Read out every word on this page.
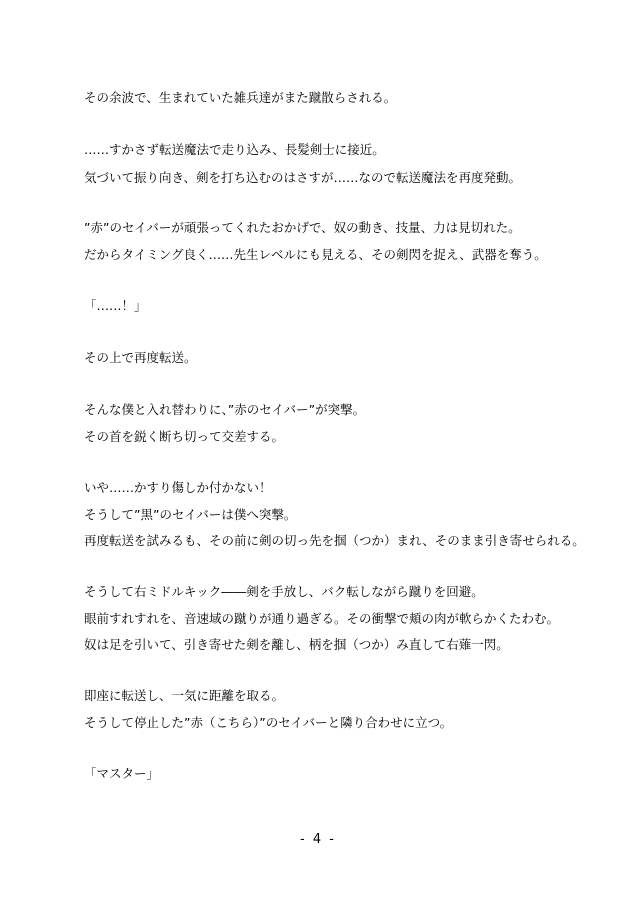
その余波で、生まれていた雑兵達がまた蹴散らされる。
……すかさず転送魔法で走り込み、長髪剣士に接近。
気づいて振り向き、剣を打ち込むのはさすが……なので転送魔法を再度発動。
”赤”のセイバーが頑張ってくれたおかげで、奴の動き、技量、力は見切れた。
だからタイミング良く……先生レベルにも見える、その剣閃を捉え、武器を奪う。
「……！」
その上で再度転送。
そんな僕と入れ替わりに、”赤のセイバー”が突撃。
その首を鋭く断ち切って交差する。
いや……かすり傷しか付かない！
そうして”黒”のセイバーは僕へ突撃。
再度転送を試みるも、その前に剣の切っ先を掴（つか）まれ、そのまま引き寄せられる。
そうして右ミドルキック――剣を手放し、バク転しながら蹴りを回避。
眼前すれすれを、音速域の蹴りが通り過ぎる。その衝撃で頬の肉が軟らかくたわむ。
奴は足を引いて、引き寄せた剣を離し、柄を掴（つか）み直して右薙一閃。
即座に転送し、一気に距離を取る。
そうして停止した”赤（こちら）”のセイバーと隣り合わせに立つ。
「マスター」
- 4 -
